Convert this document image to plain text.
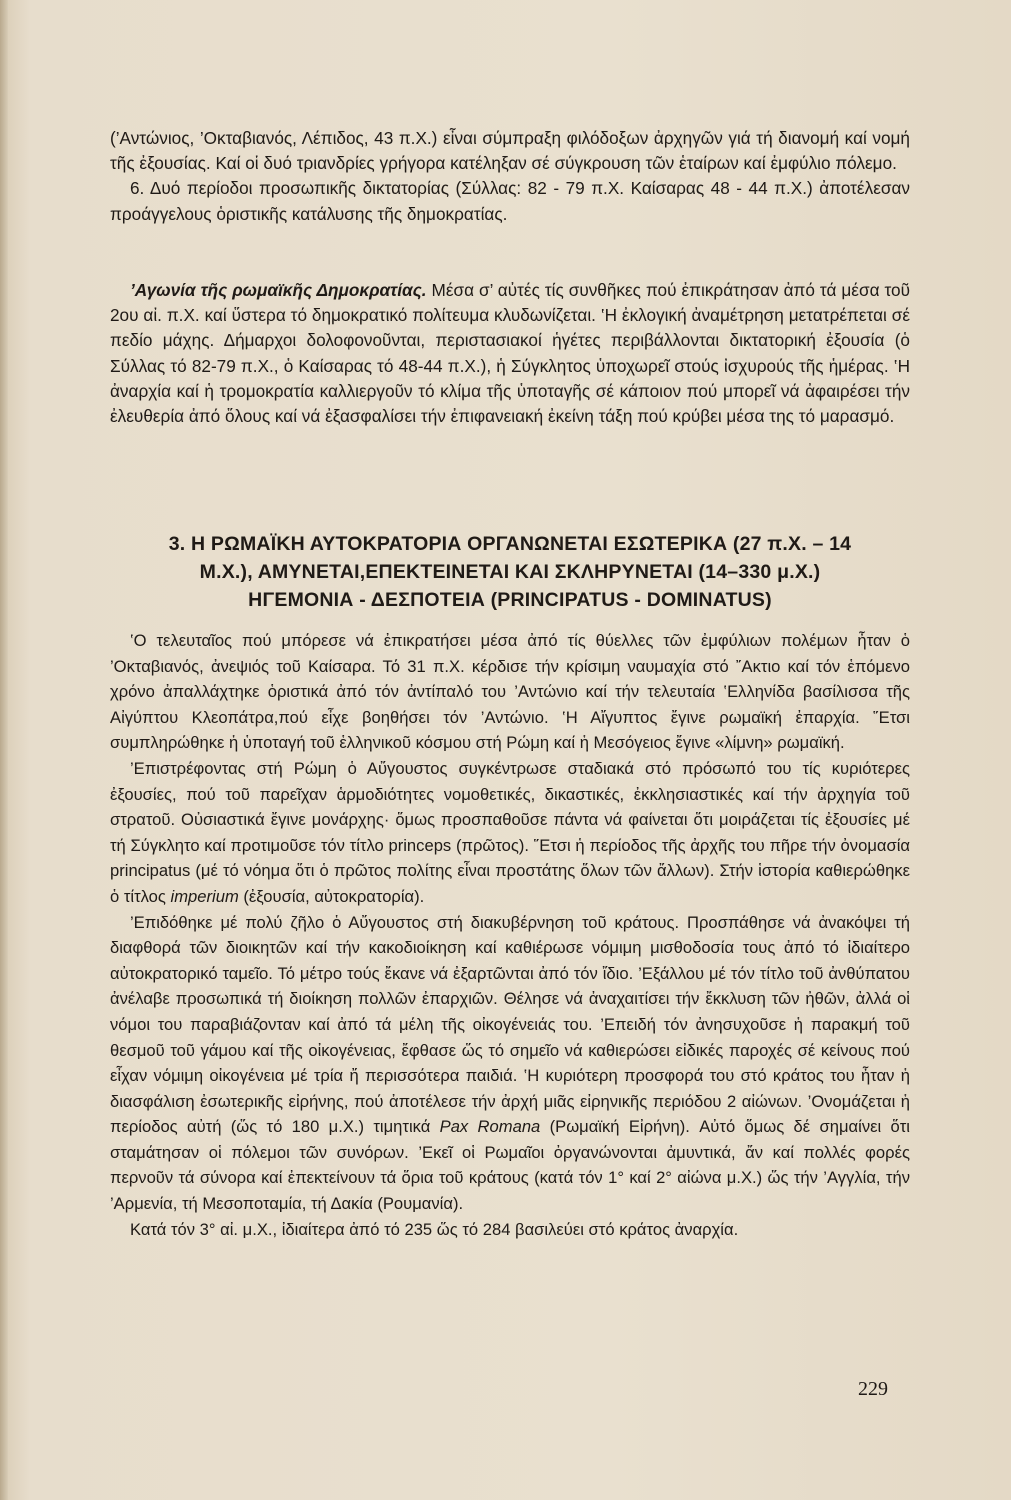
(’Αντώνιος, ’Οκταβιανός, Λέπιδος, 43 π.Χ.) εἶναι σύμπραξη φιλόδοξων ἀρχηγῶν γιά τή διανομή καί νομή τῆς ἐξουσίας. Καί οἱ δυό τριανδρίες γρήγορα κατέληξαν σέ σύγκρουση τῶν ἑταίρων καί ἐμφύλιο πόλεμο.

6. Δυό περίοδοι προσωπικῆς δικτατορίας (Σύλλας: 82 - 79 π.Χ. Καίσαρας 48 - 44 π.Χ.) ἀποτέλεσαν προάγγελους ὁριστικῆς κατάλυσης τῆς δημοκρατίας.

’Αγωνία τῆς ρωμαϊκῆς Δημοκρατίας. Μέσα σ’ αὐτές τίς συνθῆκες πού ἐπικράτησαν ἀπό τά μέσα τοῦ 2ου αἰ. π.Χ. καί ὕστερα τό δημοκρατικό πολίτευμα κλυδωνίζεται. ‛Η ἐκλογική ἀναμέτρηση μετατρέπεται σέ πεδίο μάχης. Δήμαρχοι δολοφονοῦνται, περιστασιακοί ἡγέτες περιβάλλονται δικτατορική ἐξουσία (ὁ Σύλλας τό 82-79 π.Χ., ὁ Καίσαρας τό 48-44 π.Χ.), ἡ Σύγκλητος ὑποχωρεῖ στούς ἰσχυρούς τῆς ἡμέρας. ‛Η ἀναρχία καί ἡ τρομοκρατία καλλιεργοῦν τό κλίμα τῆς ὑποταγῆς σέ κάποιον πού μπορεῖ νά ἀφαιρέσει τήν ἐλευθερία ἀπό ὅλους καί νά ἐξασφαλίσει τήν ἐπιφανειακή ἐκείνη τάξη πού κρύβει μέσα της τό μαρασμό.

3. Η ΡΩΜΑΪΚΗ ΑΥΤΟΚΡΑΤΟΡΙΑ ΟΡΓΑΝΩΝΕΤΑΙ ΕΣΩΤΕΡΙΚΑ (27 π.Χ. – 14
Μ.Χ.), ΑΜΥΝΕΤΑΙ,ΕΠΕΚΤΕΙΝΕΤΑΙ ΚΑΙ ΣΚΛΗΡΥΝΕΤΑΙ (14–330 μ.Χ.)
ΗΓΕΜΟΝΙΑ - ΔΕΣΠΟΤΕΙΑ (PRINCIPATUS - DOMINATUS)

‛Ο τελευταῖος πού μπόρεσε νά ἐπικρατήσει μέσα ἀπό τίς θύελλες τῶν ἐμφύλιων πολέμων ἦταν ὁ ’Οκταβιανός, ἀνεψιός τοῦ Καίσαρα. Τό 31 π.Χ. κέρδισε τήν κρίσιμη ναυμαχία στό ῎Ακτιο καί τόν ἑπόμενο χρόνο ἀπαλλάχτηκε ὁριστικά ἀπό τόν ἀντίπαλό του ’Αντώνιο καί τήν τελευταία ‛Ελληνίδα βασίλισσα τῆς Αἰγύπτου Κλεοπάτρα,πού εἶχε βοηθήσει τόν ’Αντώνιο. ‛Η Αἴγυπτος ἔγινε ρωμαϊκή ἐπαρχία. ῞Ετσι συμπληρώθηκε ἡ ὑποταγή τοῦ ἑλληνικοῦ κόσμου στή Ρώμη καί ἡ Μεσόγειος ἔγινε «λίμνη» ρωμαϊκή.

’Επιστρέφοντας στή Ρώμη ὁ Αὔγουστος συγκέντρωσε σταδιακά στό πρόσωπό του τίς κυριότερες ἐξουσίες, πού τοῦ παρεῖχαν ἁρμοδιότητες νομοθετικές, δικαστικές, ἐκκλησιαστικές καί τήν ἀρχηγία τοῦ στρατοῦ. Οὐσιαστικά ἔγινε μονάρχης· ὅμως προσπαθοῦσε πάντα νά φαίνεται ὅτι μοιράζεται τίς ἐξουσίες μέ τή Σύγκλητο καί προτιμοῦσε τόν τίτλο princeps (πρῶτος). ῞Ετσι ἡ περίοδος τῆς ἀρχῆς του πῆρε τήν ὀνομασία principatus (μέ τό νόημα ὅτι ὁ πρῶτος πολίτης εἶναι προστάτης ὅλων τῶν ἄλλων). Στήν ἱστορία καθιερώθηκε ὁ τίτλος imperium (ἐξουσία, αὐτοκρατορία).

’Επιδόθηκε μέ πολύ ζῆλο ὁ Αὔγουστος στή διακυβέρνηση τοῦ κράτους. Προσπάθησε νά ἀνακόψει τή διαφθορά τῶν διοικητῶν καί τήν κακοδιοίκηση καί καθιέρωσε νόμιμη μισθοδοσία τους ἀπό τό ἰδιαίτερο αὐτοκρατορικό ταμεῖο. Τό μέτρο τούς ἔκανε νά ἐξαρτῶνται ἀπό τόν ἴδιο. ’Εξάλλου μέ τόν τίτλο τοῦ ἀνθύπατου ἀνέλαβε προσωπικά τή διοίκηση πολλῶν ἐπαρχιῶν. Θέλησε νά ἀναχαιτίσει τήν ἔκκλυση τῶν ἠθῶν, ἀλλά οἱ νόμοι του παραβιάζονταν καί ἀπό τά μέλη τῆς οἰκογένειάς του. ’Επειδή τόν ἀνησυχοῦσε ἡ παρακμή τοῦ θεσμοῦ τοῦ γάμου καί τῆς οἰκογένειας, ἔφθασε ὥς τό σημεῖο νά καθιερώσει εἰδικές παροχές σέ κείνους πού εἶχαν νόμιμη οἰκογένεια μέ τρία ἤ περισσότερα παιδιά. ‛Η κυριότερη προσφορά του στό κράτος του ἦταν ἡ διασφάλιση ἐσωτερικῆς εἰρήνης, πού ἀποτέλεσε τήν ἀρχή μιᾶς εἰρηνικῆς περιόδου 2 αἰώνων. ’Ονομάζεται ἡ περίοδος αὐτή (ὥς τό 180 μ.Χ.) τιμητικά Pax Romana (Ρωμαϊκή Εἰρήνη). Αὐτό ὅμως δέ σημαίνει ὅτι σταμάτησαν οἱ πόλεμοι τῶν συνόρων. ’Εκεῖ οἱ Ρωμαῖοι ὀργανώνονται ἀμυντικά, ἄν καί πολλές φορές περνοῦν τά σύνορα καί ἐπεκτείνουν τά ὅρια τοῦ κράτους (κατά τόν 1° καί 2° αἰώνα μ.Χ.) ὥς τήν ’Αγγλία, τήν ’Αρμενία, τή Μεσοποταμία, τή Δακία (Ρουμανία).

Κατά τόν 3° αἰ. μ.Χ., ἰδιαίτερα ἀπό τό 235 ὥς τό 284 βασιλεύει στό κράτος ἀναρχία.

229
